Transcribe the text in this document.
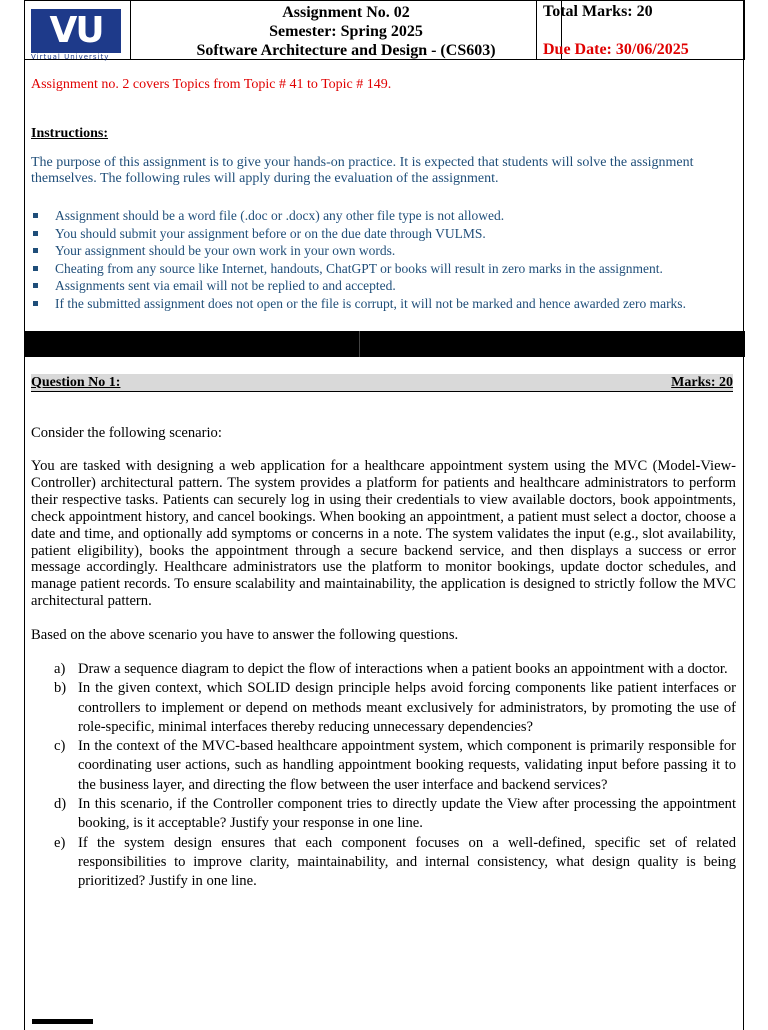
VU
Virtual University
Assignment No. 02
Semester: Spring 2025
Software Architecture and Design - (CS603)
Total Marks: 20
Due Date: 30/06/2025
Assignment no. 2 covers Topics from Topic # 41 to Topic # 149.
Instructions:
The purpose of this assignment is to give your hands-on practice. It is expected that students will solve the assignment themselves. The following rules will apply during the evaluation of the assignment.
Assignment should be a word file (.doc or .docx) any other file type is not allowed.
You should submit your assignment before or on the due date through VULMS.
Your assignment should be your own work in your own words.
Cheating from any source like Internet, handouts, ChatGPT or books will result in zero marks in the assignment.
Assignments sent via email will not be replied to and accepted.
If the submitted assignment does not open or the file is corrupt, it will not be marked and hence awarded zero marks.
Question No 1:	Marks: 20
Consider the following scenario:
You are tasked with designing a web application for a healthcare appointment system using the MVC (Model-View-Controller) architectural pattern. The system provides a platform for patients and healthcare administrators to perform their respective tasks. Patients can securely log in using their credentials to view available doctors, book appointments, check appointment history, and cancel bookings. When booking an appointment, a patient must select a doctor, choose a date and time, and optionally add symptoms or concerns in a note. The system validates the input (e.g., slot availability, patient eligibility), books the appointment through a secure backend service, and then displays a success or error message accordingly. Healthcare administrators use the platform to monitor bookings, update doctor schedules, and manage patient records. To ensure scalability and maintainability, the application is designed to strictly follow the MVC architectural pattern.
Based on the above scenario you have to answer the following questions.
a) Draw a sequence diagram to depict the flow of interactions when a patient books an appointment with a doctor.
b) In the given context, which SOLID design principle helps avoid forcing components like patient interfaces or controllers to implement or depend on methods meant exclusively for administrators, by promoting the use of role-specific, minimal interfaces thereby reducing unnecessary dependencies?
c) In the context of the MVC-based healthcare appointment system, which component is primarily responsible for coordinating user actions, such as handling appointment booking requests, validating input before passing it to the business layer, and directing the flow between the user interface and backend services?
d) In this scenario, if the Controller component tries to directly update the View after processing the appointment booking, is it acceptable? Justify your response in one line.
e) If the system design ensures that each component focuses on a well-defined, specific set of related responsibilities to improve clarity, maintainability, and internal consistency, what design quality is being prioritized? Justify in one line.
